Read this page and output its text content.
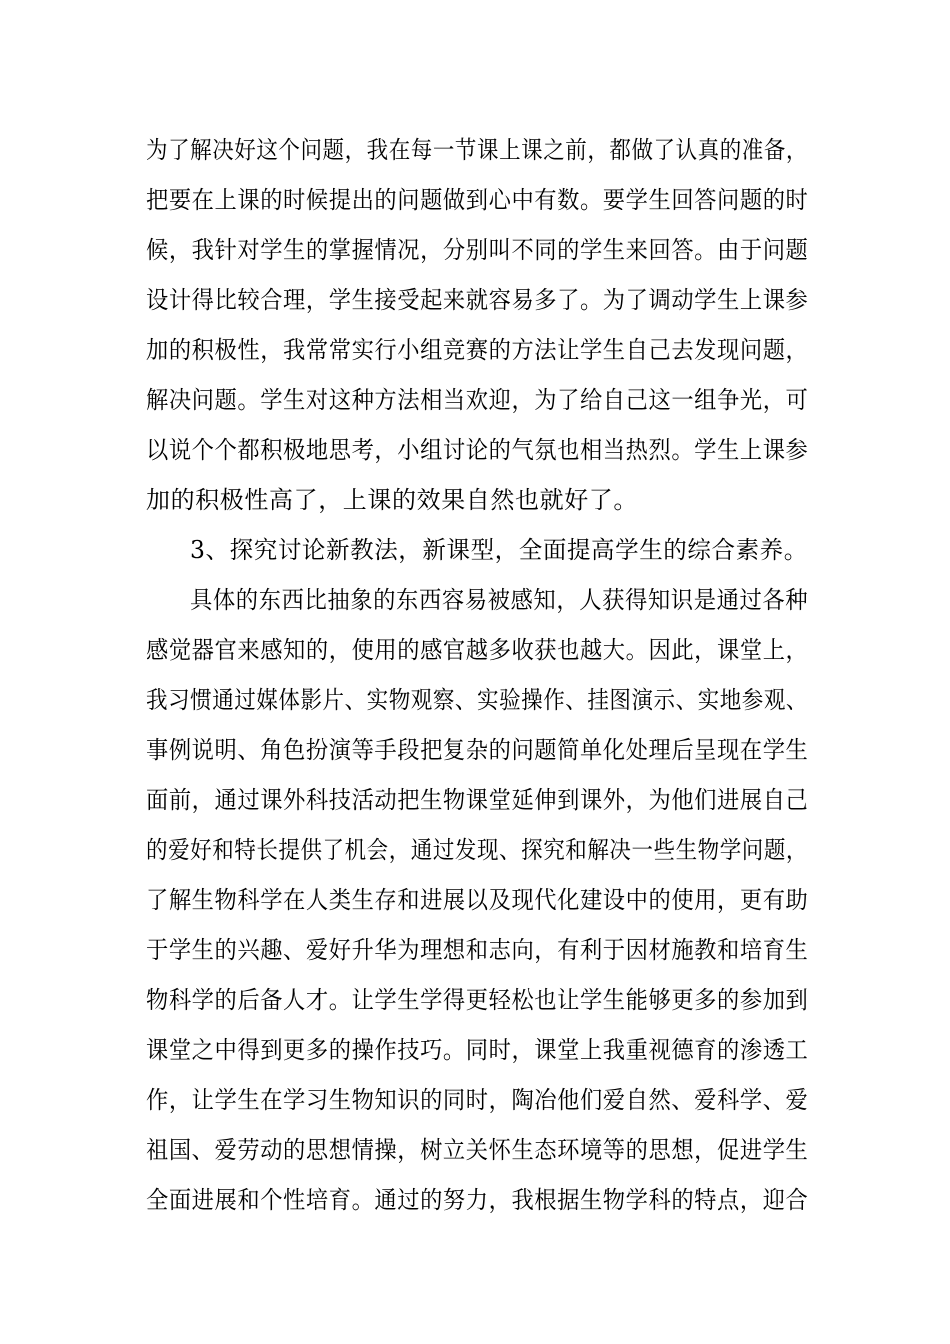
为了解决好这个问题，我在每一节课上课之前，都做了认真的准备，
把要在上课的时候提出的问题做到心中有数。要学生回答问题的时
候，我针对学生的掌握情况，分别叫不同的学生来回答。由于问题
设计得比较合理，学生接受起来就容易多了。为了调动学生上课参
加的积极性，我常常实行小组竞赛的方法让学生自己去发现问题，
解决问题。学生对这种方法相当欢迎，为了给自己这一组争光，可
以说个个都积极地思考，小组讨论的气氛也相当热烈。学生上课参
加的积极性高了，上课的效果自然也就好了。
3、探究讨论新教法，新课型，全面提高学生的综合素养。
具体的东西比抽象的东西容易被感知，人获得知识是通过各种
感觉器官来感知的，使用的感官越多收获也越大。因此，课堂上，
我习惯通过媒体影片、实物观察、实验操作、挂图演示、实地参观、
事例说明、角色扮演等手段把复杂的问题简单化处理后呈现在学生
面前，通过课外科技活动把生物课堂延伸到课外，为他们进展自己
的爱好和特长提供了机会，通过发现、探究和解决一些生物学问题，
了解生物科学在人类生存和进展以及现代化建设中的使用，更有助
于学生的兴趣、爱好升华为理想和志向，有利于因材施教和培育生
物科学的后备人才。让学生学得更轻松也让学生能够更多的参加到
课堂之中得到更多的操作技巧。同时，课堂上我重视德育的渗透工
作，让学生在学习生物知识的同时，陶冶他们爱自然、爱科学、爱
祖国、爱劳动的思想情操，树立关怀生态环境等的思想，促进学生
全面进展和个性培育。通过的努力，我根据生物学科的特点，迎合
